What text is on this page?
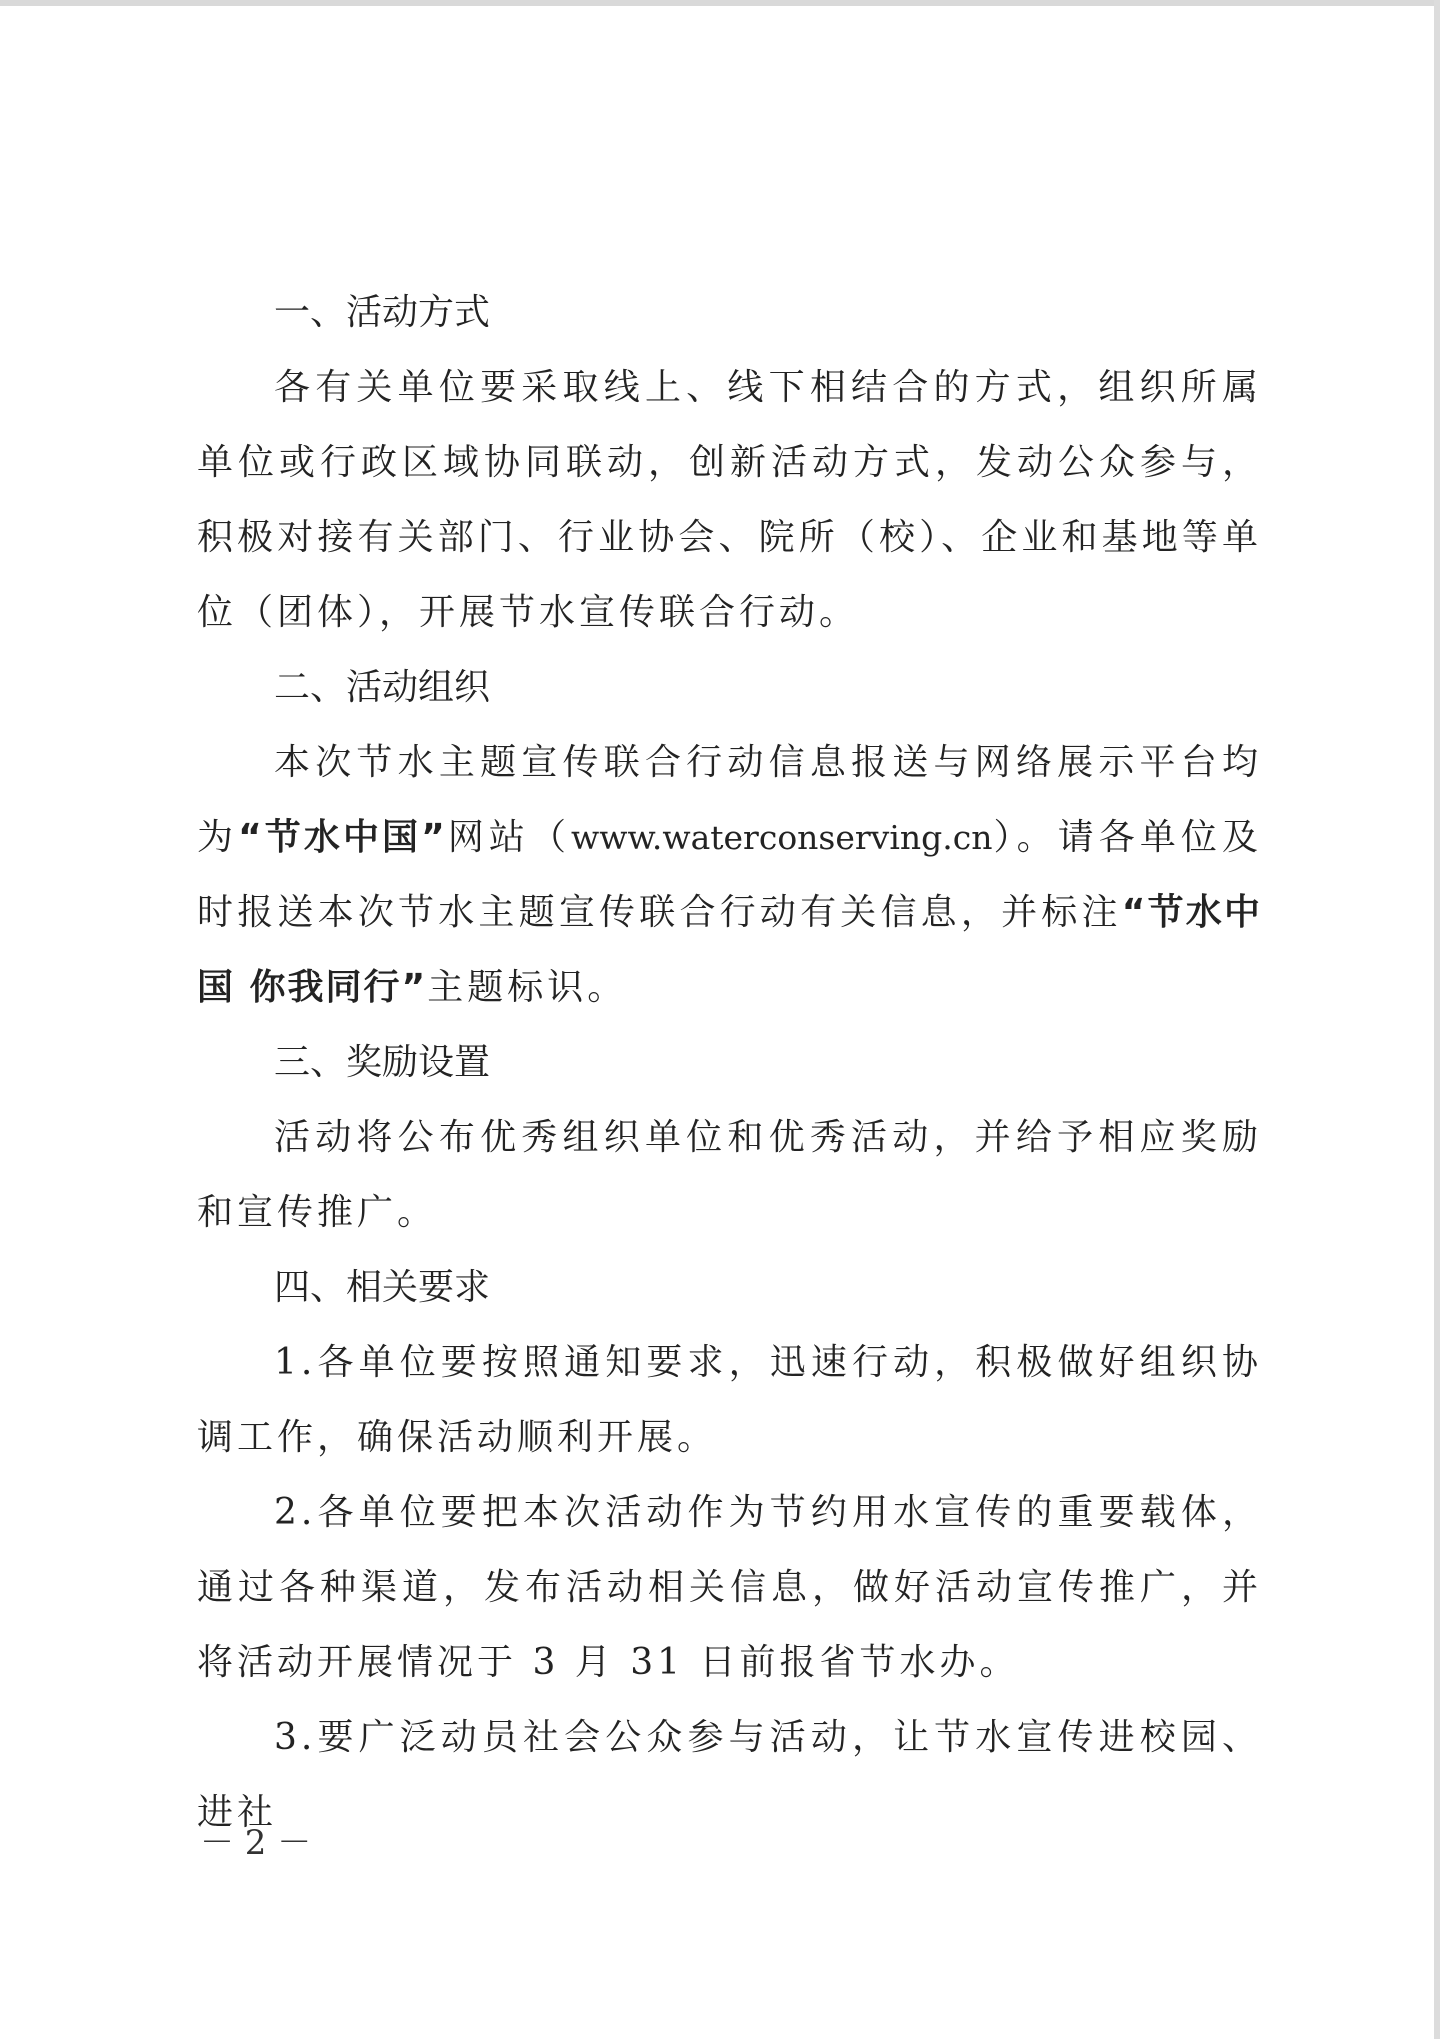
一、活动方式

各有关单位要采取线上、线下相结合的方式，组织所属单位或行政区域协同联动，创新活动方式，发动公众参与，积极对接有关部门、行业协会、院所（校）、企业和基地等单位（团体），开展节水宣传联合行动。

二、活动组织

本次节水主题宣传联合行动信息报送与网络展示平台均为“节水中国”网站（www.waterconserving.cn）。请各单位及时报送本次节水主题宣传联合行动有关信息，并标注“节水中国 你我同行”主题标识。

三、奖励设置

活动将公布优秀组织单位和优秀活动，并给予相应奖励和宣传推广。

四、相关要求

1.各单位要按照通知要求，迅速行动，积极做好组织协调工作，确保活动顺利开展。

2.各单位要把本次活动作为节约用水宣传的重要载体，通过各种渠道，发布活动相关信息，做好活动宣传推广，并将活动开展情况于 3 月 31 日前报省节水办。

3.要广泛动员社会公众参与活动，让节水宣传进校园、进社

－ 2 －
